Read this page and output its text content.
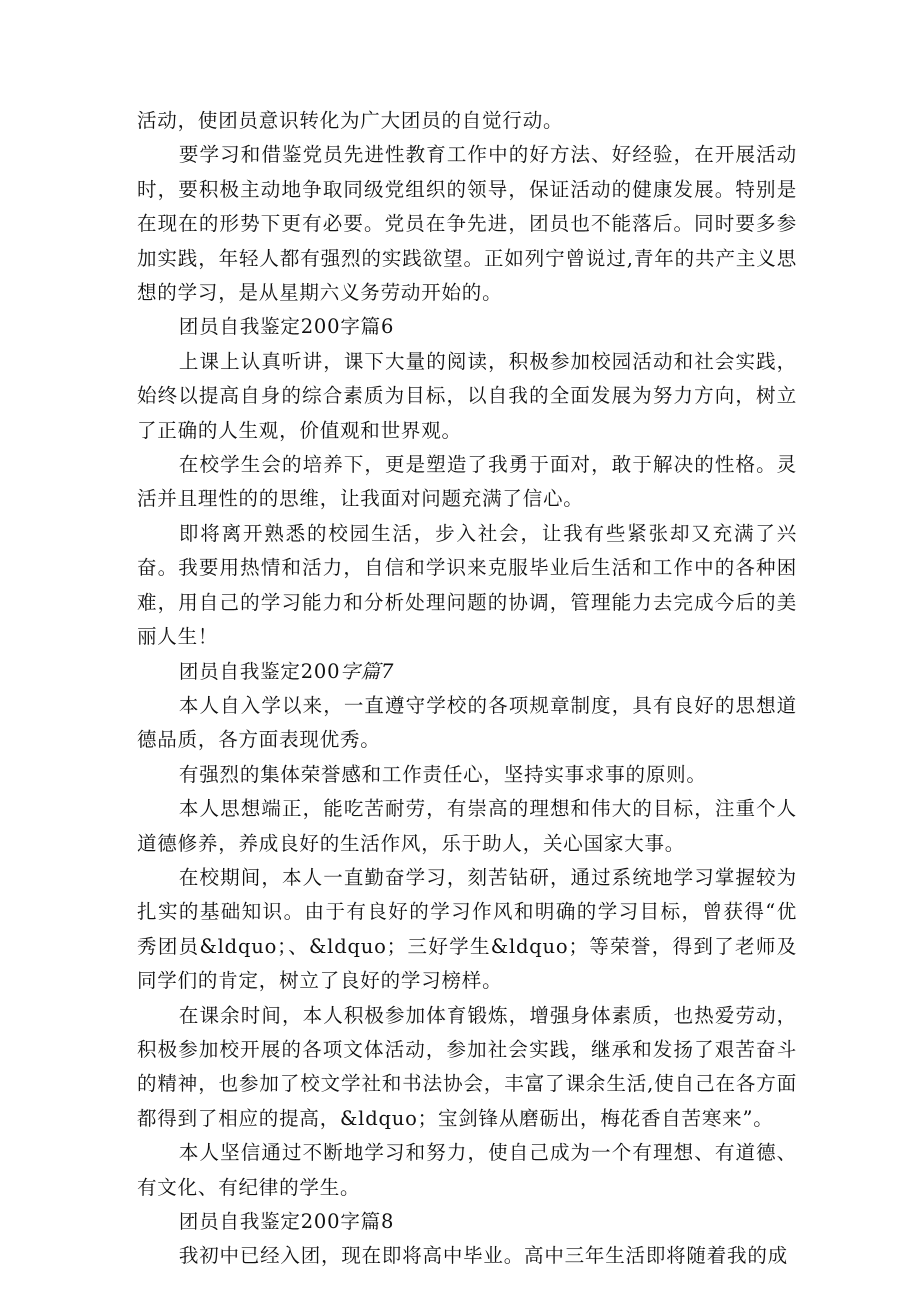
活动，使团员意识转化为广大团员的自觉行动。

要学习和借鉴党员先进性教育工作中的好方法、好经验，在开展活动时，要积极主动地争取同级党组织的领导，保证活动的健康发展。特别是在现在的形势下更有必要。党员在争先进，团员也不能落后。同时要多参加实践，年轻人都有强烈的实践欲望。正如列宁曾说过,青年的共产主义思想的学习，是从星期六义务劳动开始的。

团员自我鉴定200字篇6

上课上认真听讲，课下大量的阅读，积极参加校园活动和社会实践，始终以提高自身的综合素质为目标，以自我的全面发展为努力方向，树立了正确的人生观，价值观和世界观。

在校学生会的培养下，更是塑造了我勇于面对，敢于解决的性格。灵活并且理性的的思维，让我面对问题充满了信心。

即将离开熟悉的校园生活，步入社会，让我有些紧张却又充满了兴奋。我要用热情和活力，自信和学识来克服毕业后生活和工作中的各种困难，用自己的学习能力和分析处理问题的协调，管理能力去完成今后的美丽人生！

团员自我鉴定200字篇7

本人自入学以来，一直遵守学校的各项规章制度，具有良好的思想道德品质，各方面表现优秀。

有强烈的集体荣誉感和工作责任心，坚持实事求事的原则。

本人思想端正，能吃苦耐劳，有崇高的理想和伟大的目标，注重个人道德修养，养成良好的生活作风，乐于助人，关心国家大事。

在校期间，本人一直勤奋学习，刻苦钻研，通过系统地学习掌握较为扎实的基础知识。由于有良好的学习作风和明确的学习目标，曾获得“优秀团员&ldquo；、&ldquo；三好学生&ldquo；等荣誉，得到了老师及同学们的肯定，树立了良好的学习榜样。

在课余时间，本人积极参加体育锻炼，增强身体素质，也热爱劳动，积极参加校开展的各项文体活动，参加社会实践，继承和发扬了艰苦奋斗的精神，也参加了校文学社和书法协会，丰富了课余生活,使自己在各方面都得到了相应的提高，&ldquo；宝剑锋从磨砺出，梅花香自苦寒来”。

本人坚信通过不断地学习和努力，使自己成为一个有理想、有道德、有文化、有纪律的学生。

团员自我鉴定200字篇8

我初中已经入团，现在即将高中毕业。高中三年生活即将随着我的成
